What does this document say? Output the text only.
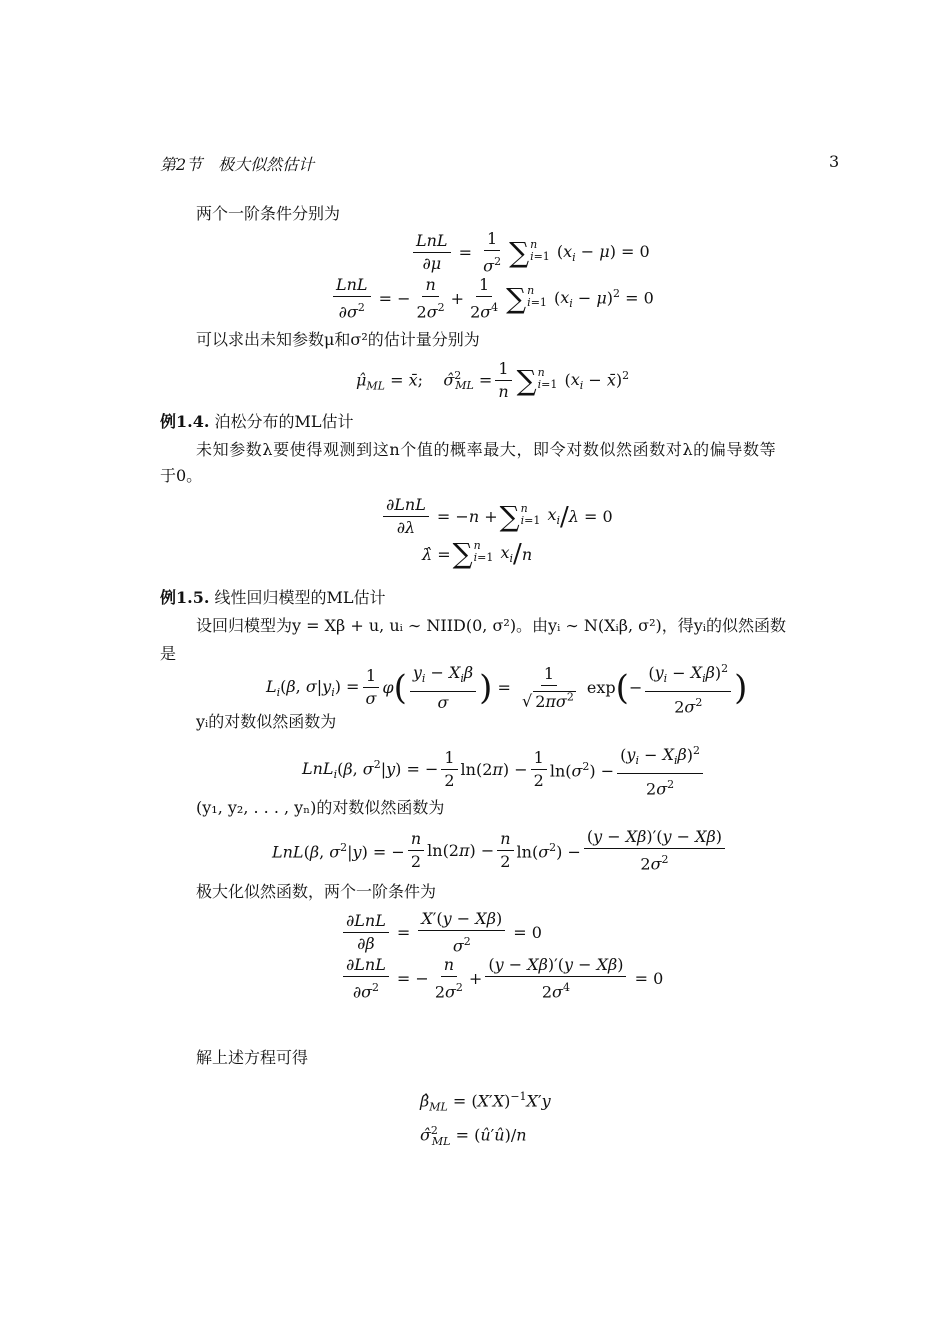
第2节　极大似然估计	3
两个一阶条件分别为
$\frac{\text{LnL}}{\partial\mu} = \frac{1}{\sigma^2}$ ∑ n
i=1 $(x_i - \mu) = 0$
$\frac{\text{LnL}}{\partial\sigma^2}$ = − $\frac{n}{2\sigma^2} + \frac{1}{2\sigma^4}$ ∑ n
i=1 $(x_i - \mu)^2 = 0$
可以求出未知参数μ和σ²的估计量分别为
$\mû_{ML}$ = x̄;    σ̂$^2_{ML}$ = $\frac{1}{n}$ ∑ n
i=1 ($x_i$ − x̄)$^2$
例1.4. 泊松分布的ML估计
未知参数λ要使得观测到这n个值的概率最大，即令对数似然函数对λ的偏导数等
于0。
$\frac{\text{∂LnL}}{\partial\lambda} = -n$ + ∑ n
i=1 $x_i / \lambda = 0$
λ̂ = ∑ n
i=1 $x_i$ / n
例1.5. 线性回归模型的ML估计
设回归模型为y = Xβ + u, uᵢ ∼ NIID(0, σ²)。由yᵢ ∼ N(Xᵢβ, σ²)，得yᵢ的似然函数
是
$L_i(\beta$, $\sigma|y_i) = \frac{1}{\sigma}$ φ ( $\frac{y_i - X_i\beta}{\sigma}$ ) = $\frac{1}{√ 2\pi\sigma^2}$ exp ( − $\frac{(y_i - X_i\beta)^2}{2\sigma^2}$ )
yᵢ的对数似然函数为
LnL$_i$(β, $\sigma^2|y$) = − $\frac{1}{2} \ln(2\pi) - \frac{1}{2} \ln(\sigma^2) - \frac{(y_i - X_i\beta)^2}{2\sigma^2}$
(y₁, y₂, . . . , yₙ)的对数似然函数为
LnL(β, $\sigma^2|y$) = − $\frac{n}{2} \ln(2\pi) - \frac{n}{2} \ln(\sigma^2) - \frac{(y - X\beta)'(y - X\beta)}{2\sigma^2}$
极大化似然函数，两个一阶条件为
$\frac{\text{∂LnL}}{\partial\beta} = \frac{X'(y - X\beta)}{\sigma^2} = 0$
$\frac{\text{∂LnL}}{\partial\sigma^2}$ = − $\frac{n}{2\sigma^2} + \frac{(y - X\beta)'(y - X\beta)}{2\sigma^4} = 0$
解上述方程可得
$\betâ_{ML} = (X'X)^{-1}X'y$
σ̂$^2_{ML}$ = (û′û)/n
